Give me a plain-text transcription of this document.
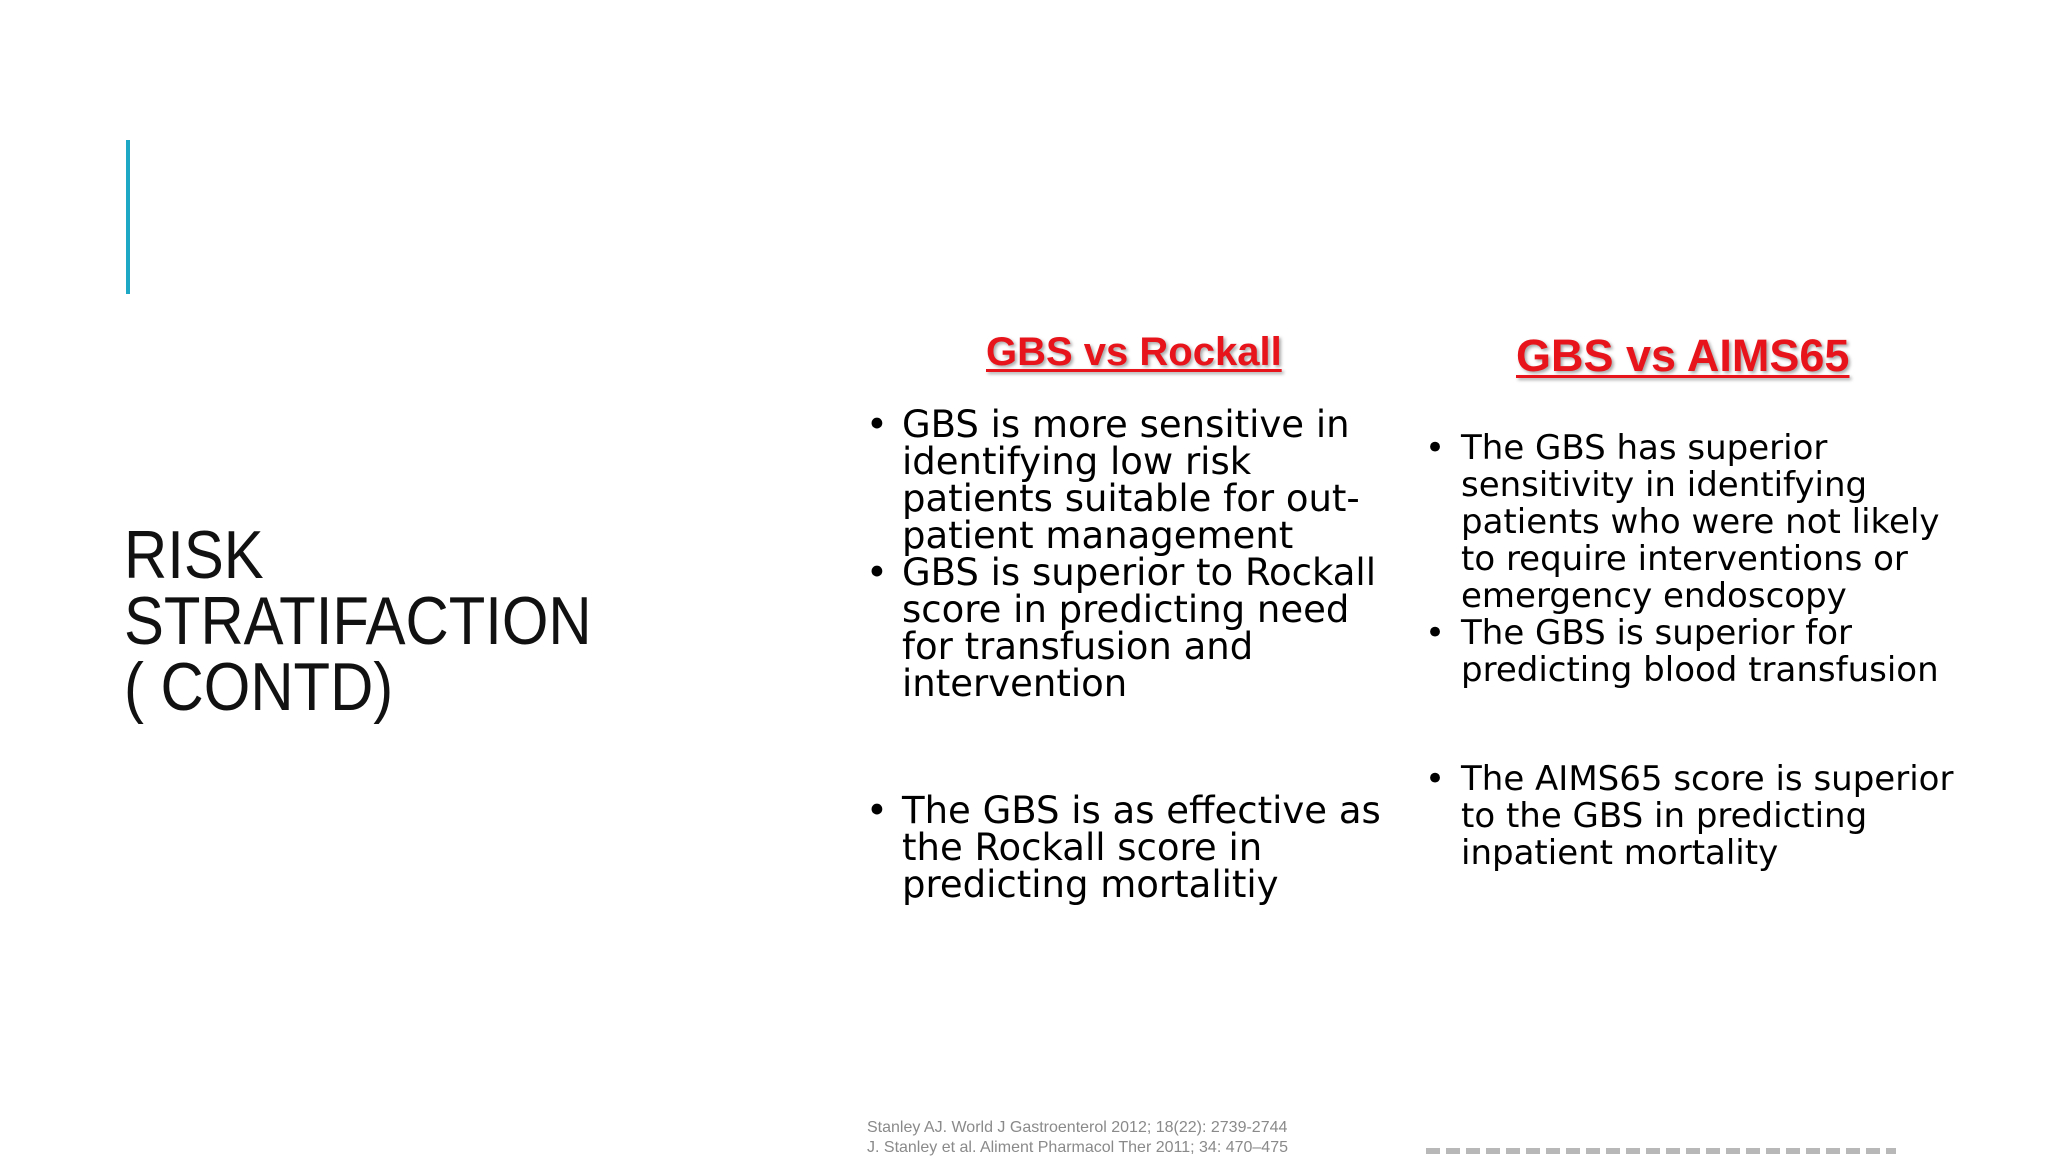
RISK
STRATIFACTION
( CONTD)
GBS vs Rockall	GBS vs AIMS65
• GBS is more sensitive in identifying low risk patients suitable for out-patient management
• GBS is superior to Rockall score in predicting need for transfusion and intervention
• The GBS is as effective as the Rockall score in predicting mortalitiy
• The GBS has superior sensitivity in identifying patients who were not likely to require interventions or emergency endoscopy
• The GBS is superior for predicting blood transfusion
• The AIMS65 score is superior to the GBS in predicting inpatient mortality
Stanley AJ. World J Gastroenterol 2012; 18(22): 2739-2744
J. Stanley et al. Aliment Pharmacol Ther 2011; 34: 470–475
